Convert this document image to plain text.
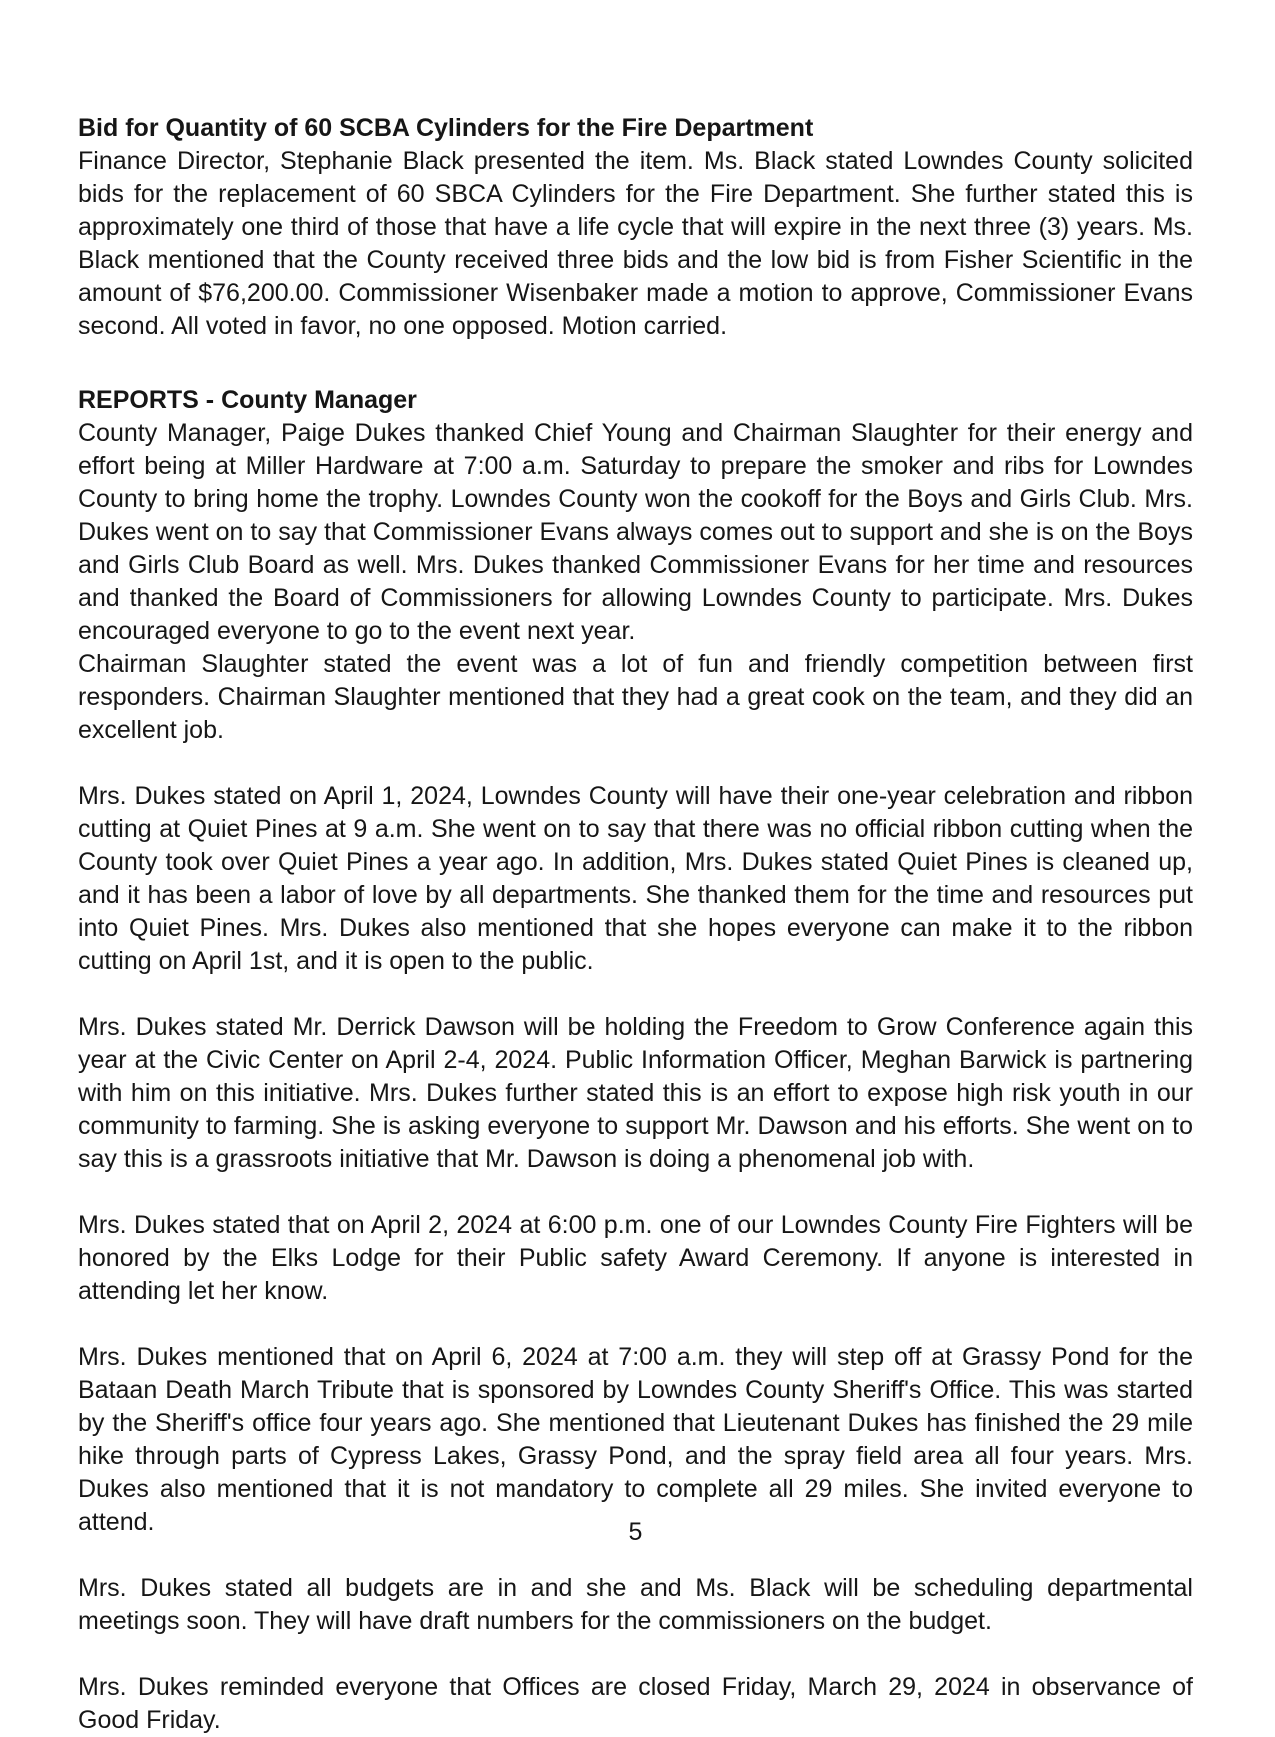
Bid for Quantity of 60 SCBA Cylinders for the Fire Department

Finance Director, Stephanie Black presented the item. Ms. Black stated Lowndes County solicited bids for the replacement of 60 SBCA Cylinders for the Fire Department. She further stated this is approximately one third of those that have a life cycle that will expire in the next three (3) years. Ms. Black mentioned that the County received three bids and the low bid is from Fisher Scientific in the amount of $76,200.00. Commissioner Wisenbaker made a motion to approve, Commissioner Evans second. All voted in favor, no one opposed. Motion carried.

REPORTS - County Manager

County Manager, Paige Dukes thanked Chief Young and Chairman Slaughter for their energy and effort being at Miller Hardware at 7:00 a.m. Saturday to prepare the smoker and ribs for Lowndes County to bring home the trophy. Lowndes County won the cookoff for the Boys and Girls Club. Mrs. Dukes went on to say that Commissioner Evans always comes out to support and she is on the Boys and Girls Club Board as well. Mrs. Dukes thanked Commissioner Evans for her time and resources and thanked the Board of Commissioners for allowing Lowndes County to participate. Mrs. Dukes encouraged everyone to go to the event next year.

Chairman Slaughter stated the event was a lot of fun and friendly competition between first responders. Chairman Slaughter mentioned that they had a great cook on the team, and they did an excellent job.

Mrs. Dukes stated on April 1, 2024, Lowndes County will have their one-year celebration and ribbon cutting at Quiet Pines at 9 a.m. She went on to say that there was no official ribbon cutting when the County took over Quiet Pines a year ago. In addition, Mrs. Dukes stated Quiet Pines is cleaned up, and it has been a labor of love by all departments. She thanked them for the time and resources put into Quiet Pines. Mrs. Dukes also mentioned that she hopes everyone can make it to the ribbon cutting on April 1st, and it is open to the public.

Mrs. Dukes stated Mr. Derrick Dawson will be holding the Freedom to Grow Conference again this year at the Civic Center on April 2-4, 2024. Public Information Officer, Meghan Barwick is partnering with him on this initiative. Mrs. Dukes further stated this is an effort to expose high risk youth in our community to farming. She is asking everyone to support Mr. Dawson and his efforts. She went on to say this is a grassroots initiative that Mr. Dawson is doing a phenomenal job with.

Mrs. Dukes stated that on April 2, 2024 at 6:00 p.m. one of our Lowndes County Fire Fighters will be honored by the Elks Lodge for their Public safety Award Ceremony. If anyone is interested in attending let her know.

Mrs. Dukes mentioned that on April 6, 2024 at 7:00 a.m. they will step off at Grassy Pond for the Bataan Death March Tribute that is sponsored by Lowndes County Sheriff's Office. This was started by the Sheriff's office four years ago. She mentioned that Lieutenant Dukes has finished the 29 mile hike through parts of Cypress Lakes, Grassy Pond, and the spray field area all four years. Mrs. Dukes also mentioned that it is not mandatory to complete all 29 miles. She invited everyone to attend.

Mrs. Dukes stated all budgets are in and she and Ms. Black will be scheduling departmental meetings soon. They will have draft numbers for the commissioners on the budget.

Mrs. Dukes reminded everyone that Offices are closed Friday, March 29, 2024 in observance of Good Friday.

5
